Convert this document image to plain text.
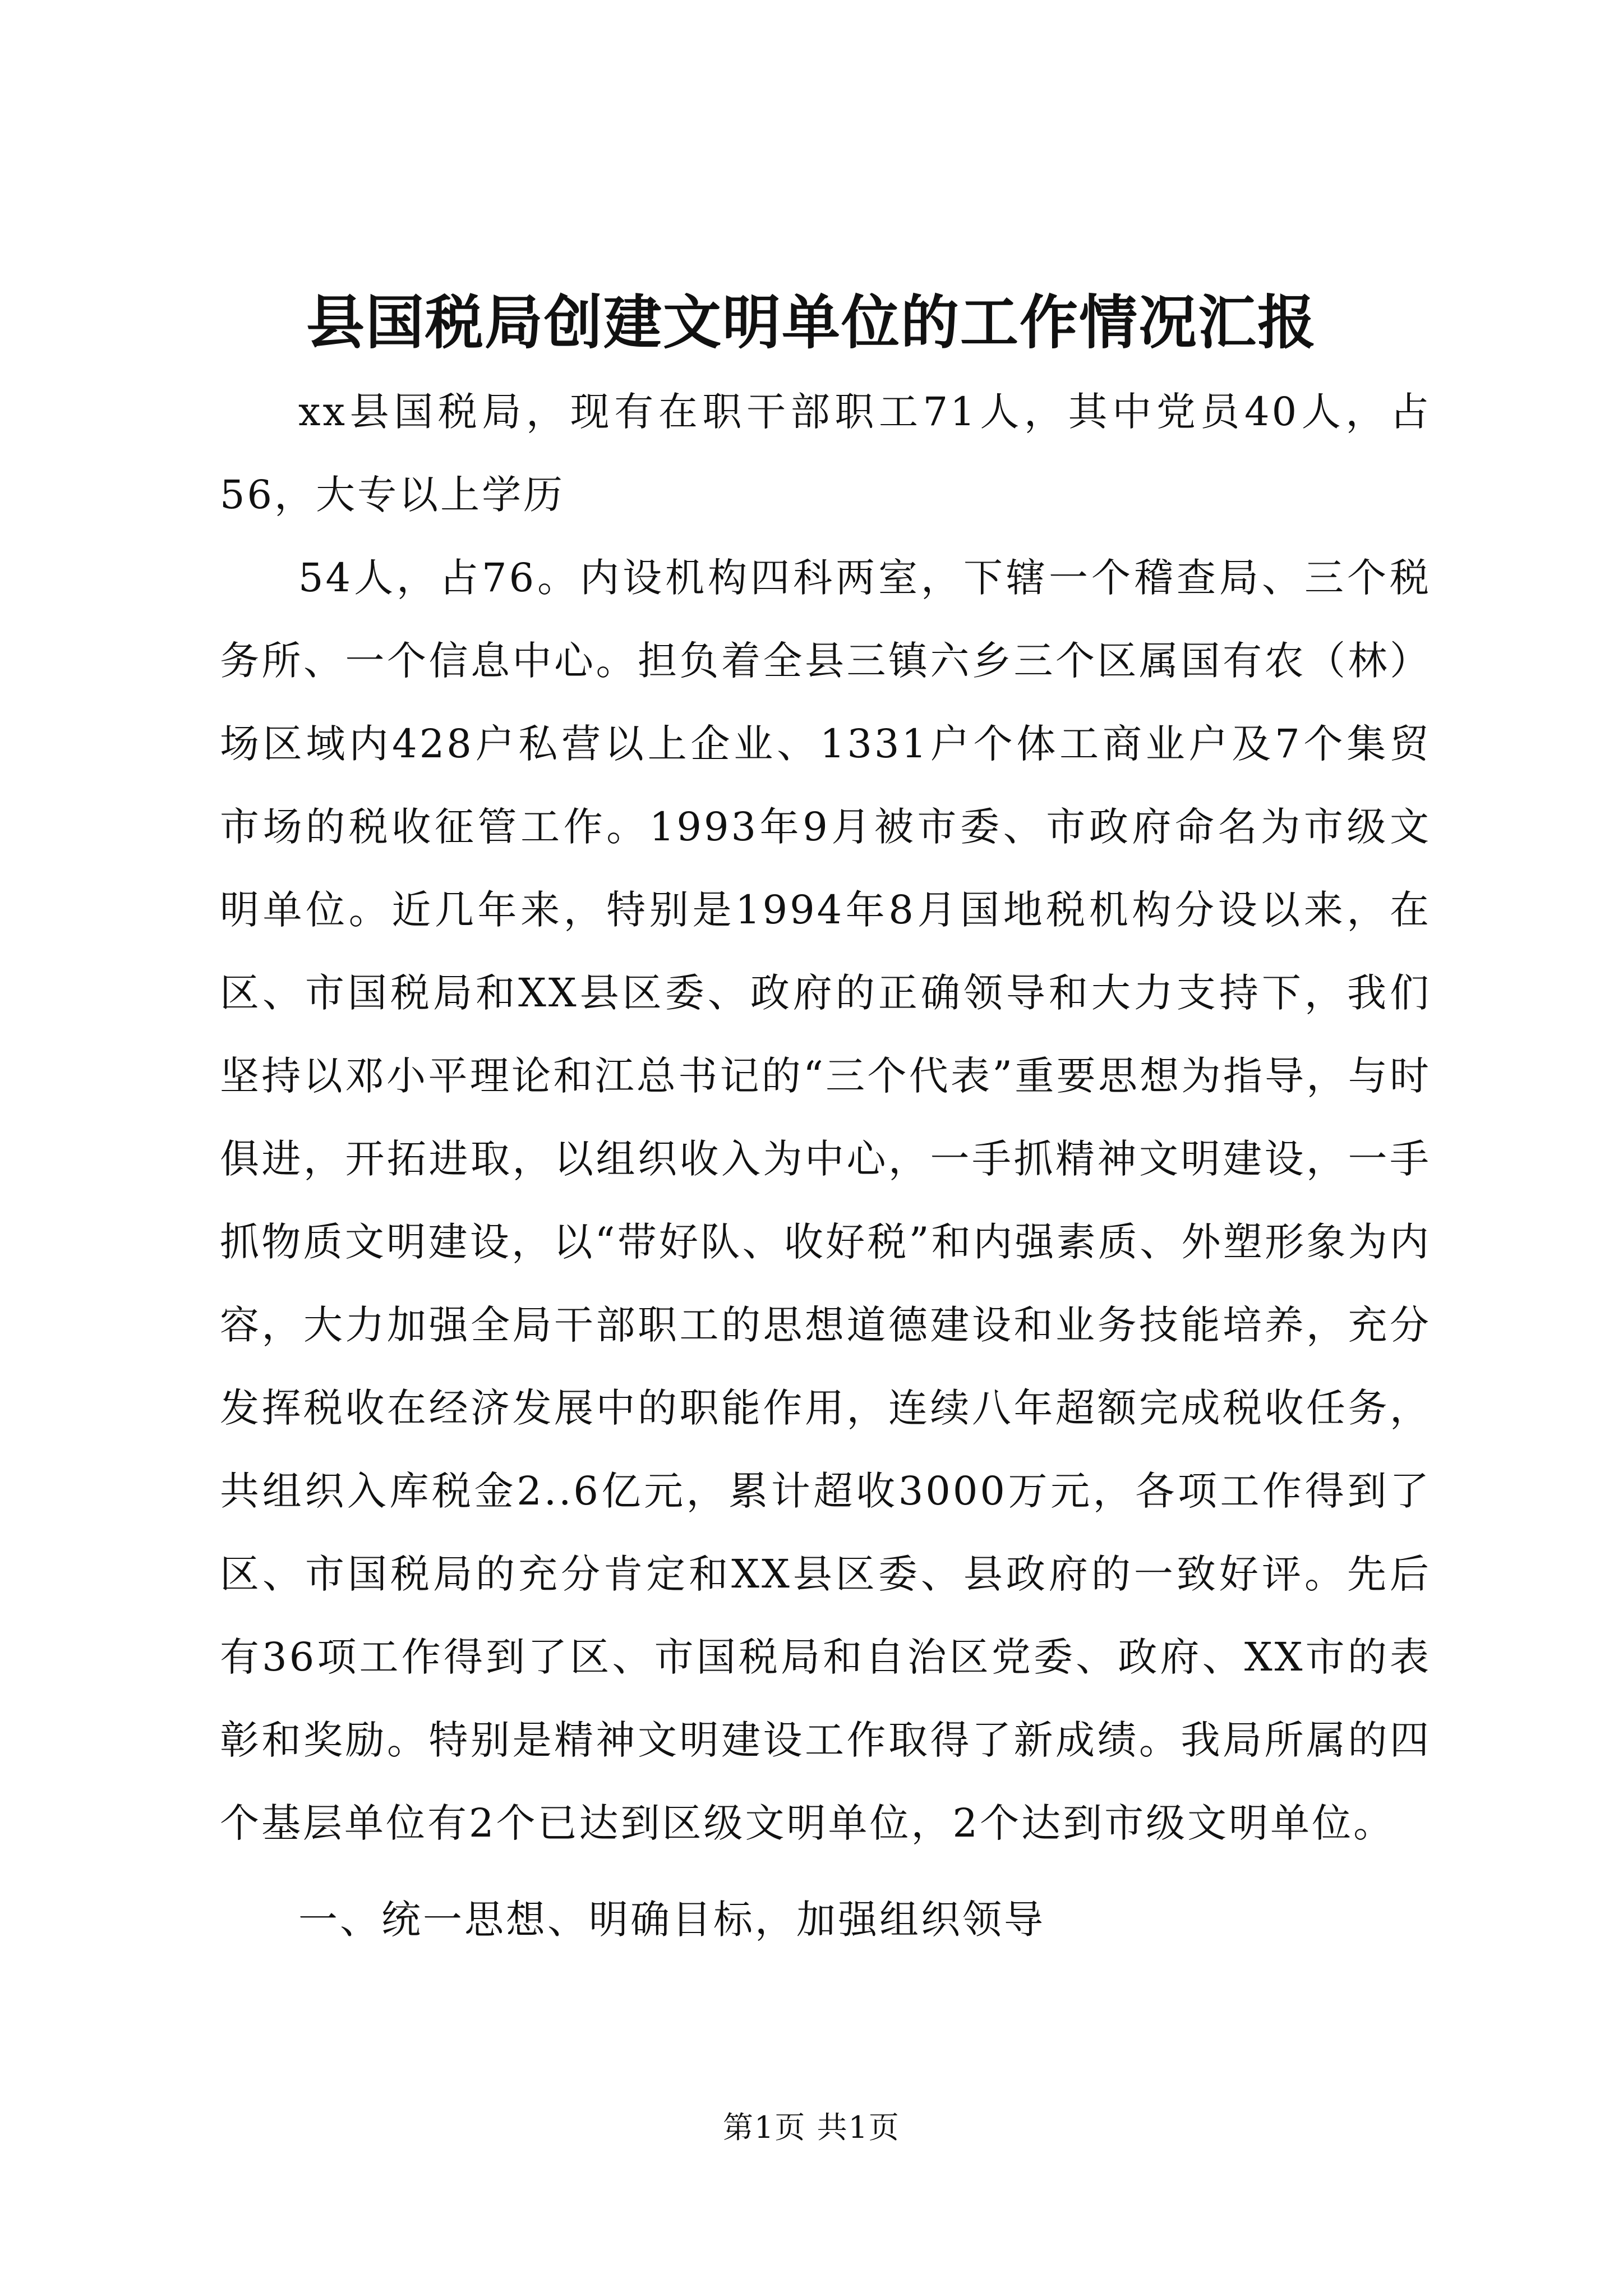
县国税局创建文明单位的工作情况汇报

xx县国税局，现有在职干部职工71人，其中党员40人，占56，大专以上学历

54人，占76。内设机构四科两室，下辖一个稽查局、三个税务所、一个信息中心。担负着全县三镇六乡三个区属国有农（林）场区域内428户私营以上企业、1331户个体工商业户及7个集贸市场的税收征管工作。1993年9月被市委、市政府命名为市级文明单位。近几年来，特别是1994年8月国地税机构分设以来，在区、市国税局和XX县区委、政府的正确领导和大力支持下，我们坚持以邓小平理论和江总书记的“三个代表”重要思想为指导，与时俱进，开拓进取，以组织收入为中心，一手抓精神文明建设，一手抓物质文明建设，以“带好队、收好税”和内强素质、外塑形象为内容，大力加强全局干部职工的思想道德建设和业务技能培养，充分发挥税收在经济发展中的职能作用，连续八年超额完成税收任务，共组织入库税金2..6亿元，累计超收3000万元，各项工作得到了区、市国税局的充分肯定和XX县区委、县政府的一致好评。先后有36项工作得到了区、市国税局和自治区党委、政府、XX市的表彰和奖励。特别是精神文明建设工作取得了新成绩。我局所属的四个基层单位有2个已达到区级文明单位，2个达到市级文明单位。

一、统一思想、明确目标，加强组织领导

第1页 共1页
